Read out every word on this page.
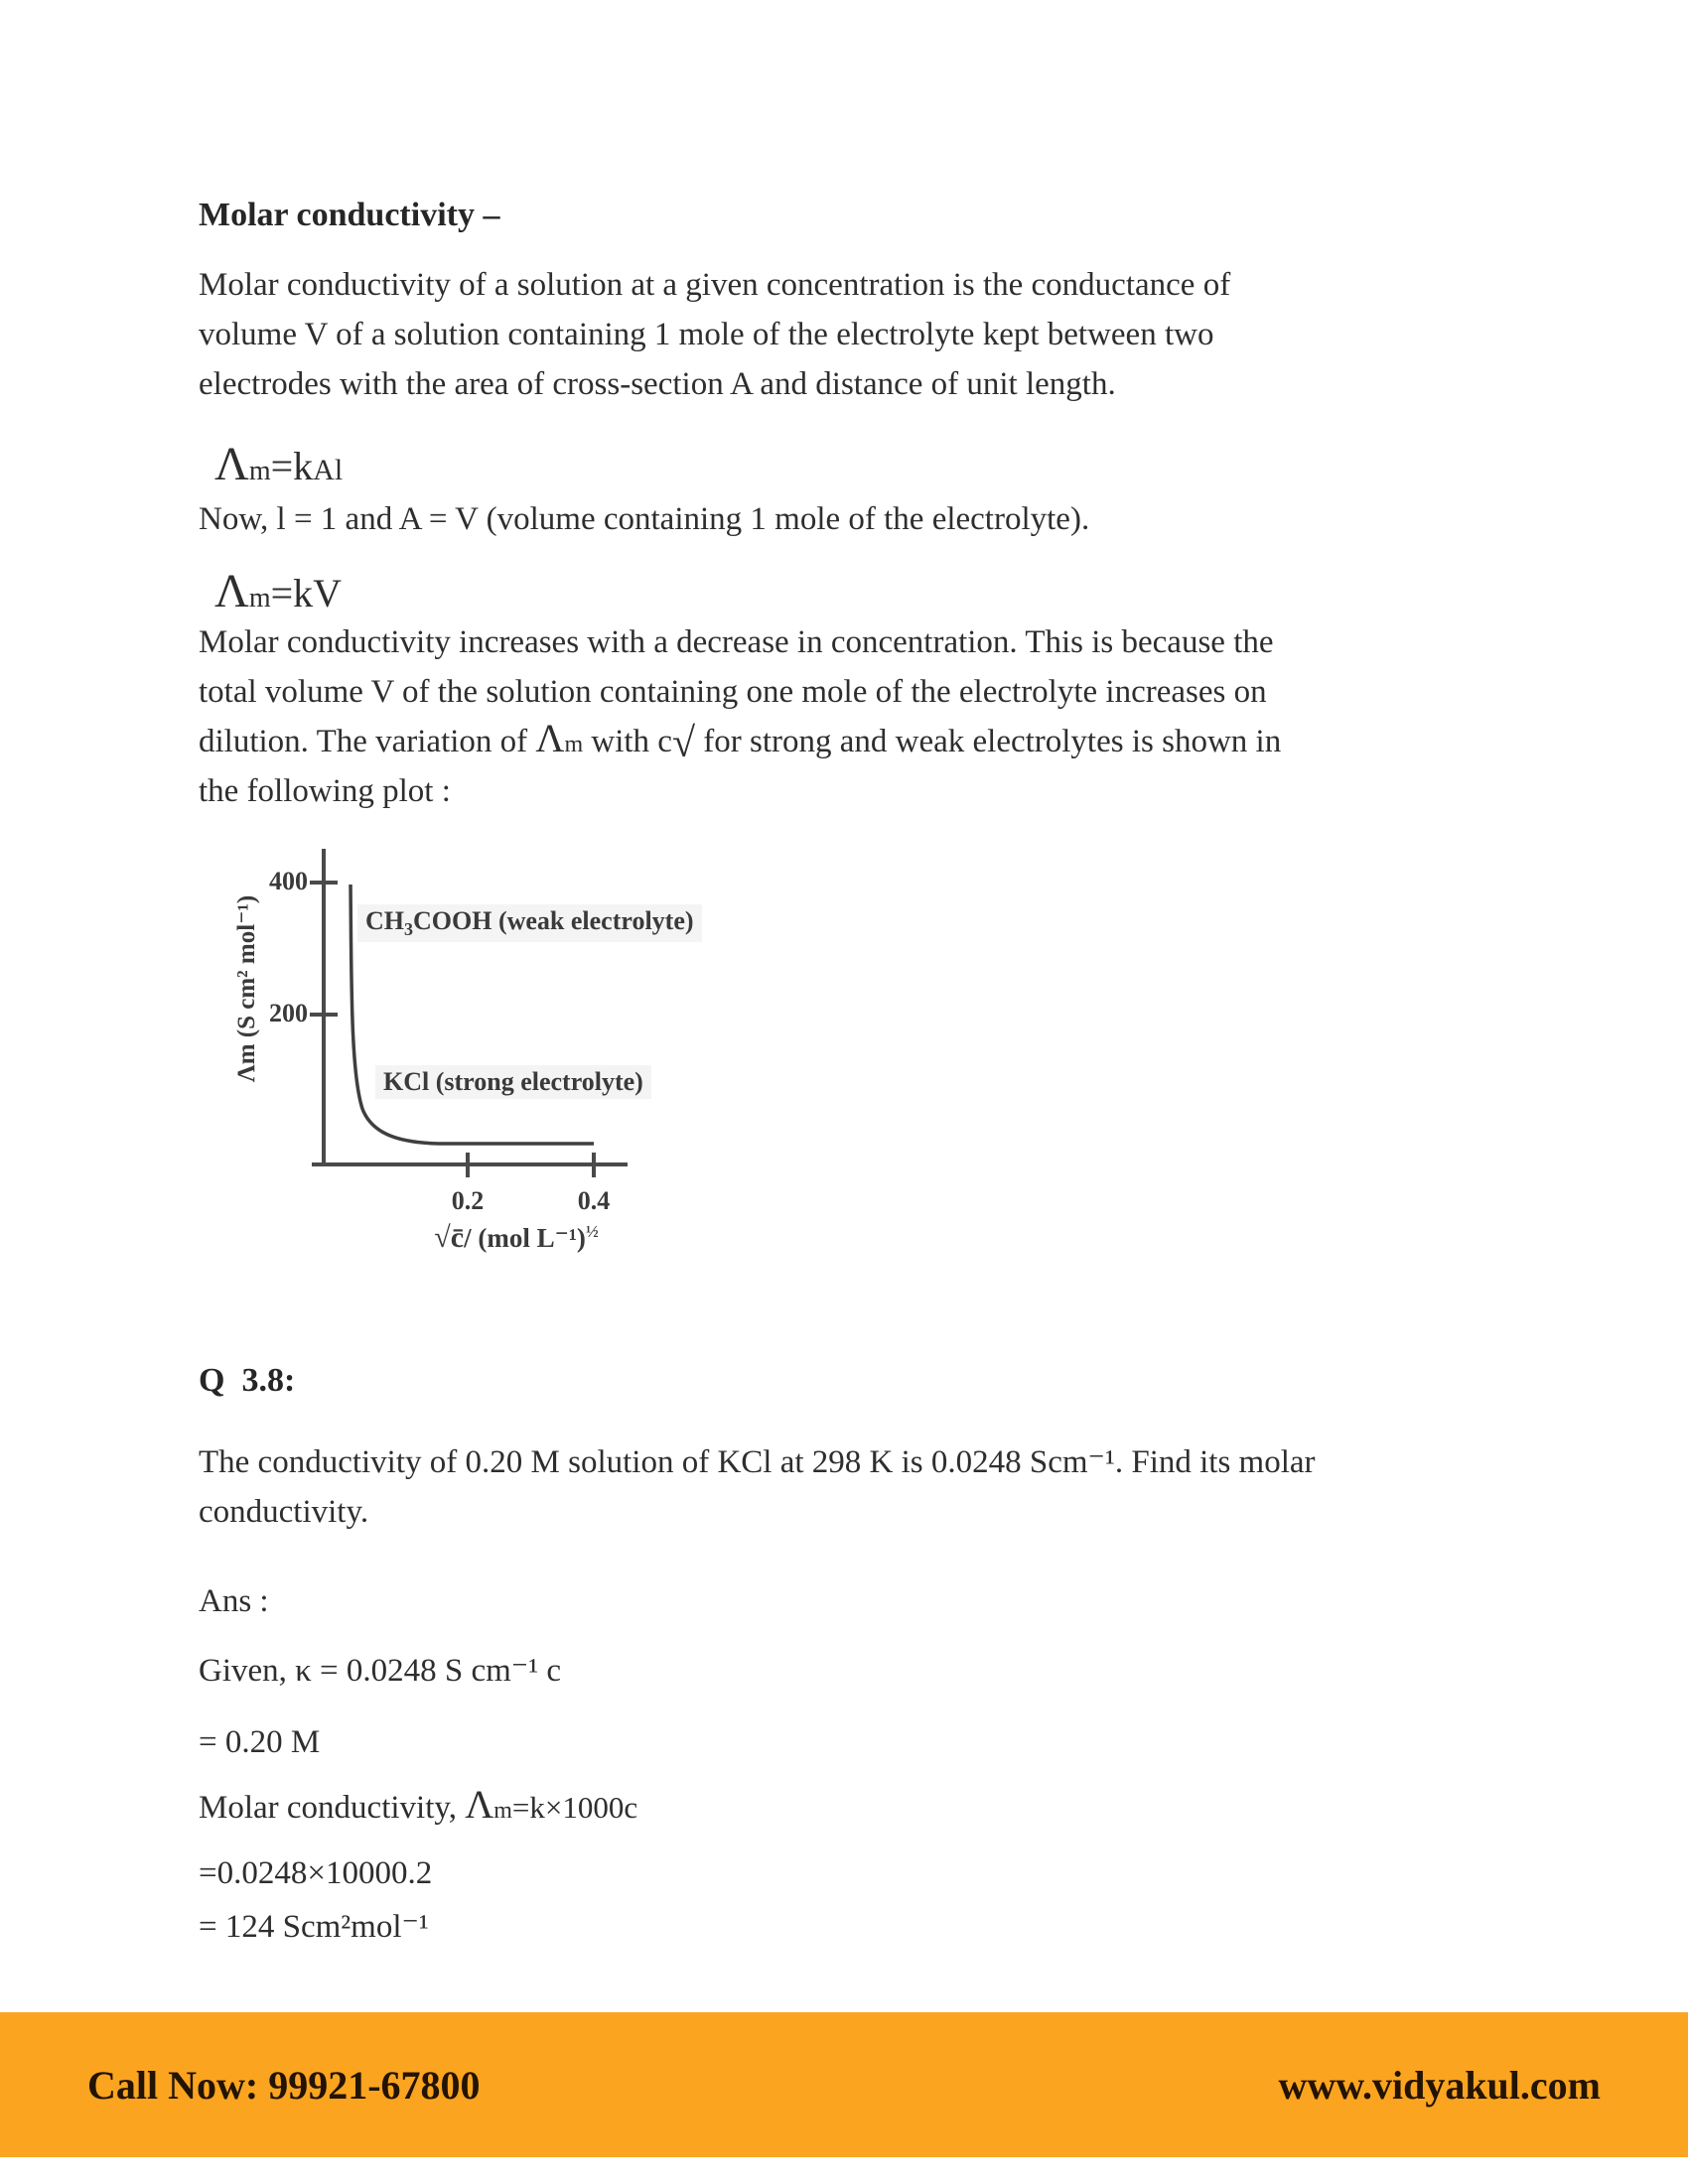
Molar conductivity –
Molar conductivity of a solution at a given concentration is the conductance of
volume V of a solution containing 1 mole of the electrolyte kept between two
electrodes with the area of cross-section A and distance of unit length.

Λm=kAl

Now, l = 1 and A = V (volume containing 1 mole of the electrolyte).

Λm=kV

Molar conductivity increases with a decrease in concentration. This is because the
total volume V of the solution containing one mole of the electrolyte increases on
dilution. The variation of Λm with c√ for strong and weak electrolytes is shown in
the following plot :
Λm (S cm² mol⁻¹)
400
200
0.2	0.4
$CH_3COOH$ (weak electrolyte)
KCl (strong electrolyte)
√c̄/ (mol L⁻¹)$^{\frac{1}{2}}$
Q  3.8:
The conductivity of 0.20 M solution of KCl at 298 K is 0.0248 Scm⁻¹. Find its molar
conductivity.
Ans :
Given, κ = 0.0248 S cm⁻¹ c
= 0.20 M
Molar conductivity, Λm=k×1000c
=0.0248×10000.2
= 124 Scm²mol⁻¹
Call Now: 99921-67800	www.vidyakul.com
